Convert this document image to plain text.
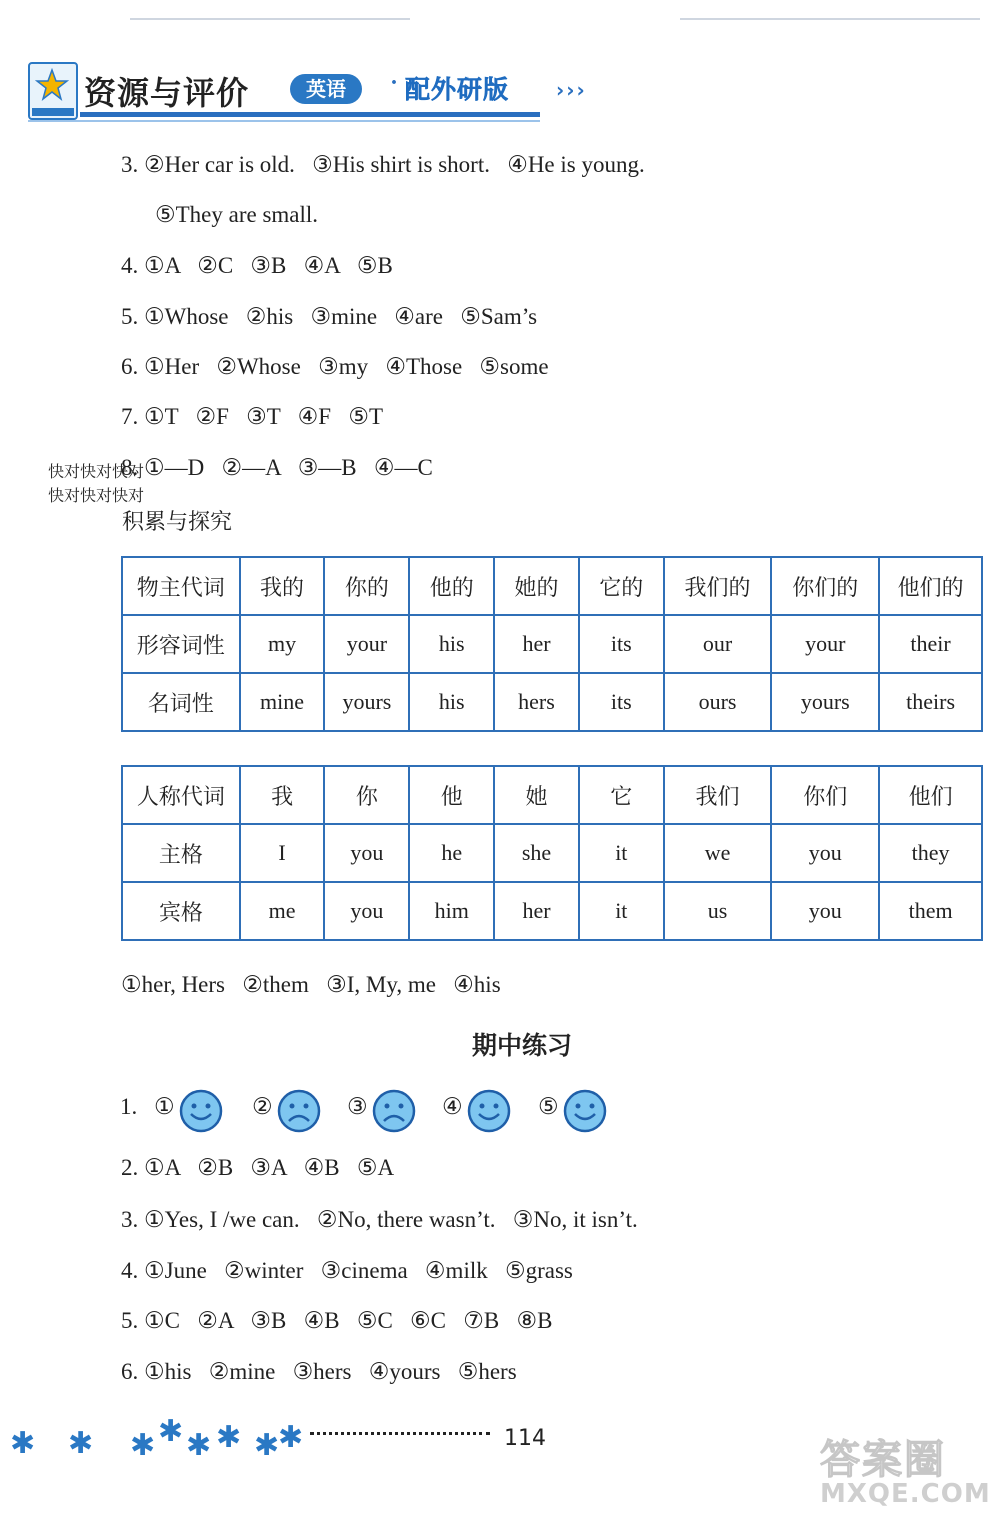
资源与评价	英语	· 配外研版 ›››
3. ②Her car is old.   ③His shirt is short.   ④He is young.
⑤They are small.
4. ①A   ②C   ③B   ④A   ⑤B
5. ①Whose   ②his   ③mine   ④are   ⑤Sam’s
6. ①Her   ②Whose   ③my   ④Those   ⑤some
7. ①T   ②F   ③T   ④F   ⑤T
8. ①—D   ②—A   ③—B   ④—C
快对快对快对
快对快对快对
积累与探究
物主代词	我的	你的	他的	她的	它的	我们的	你们的	他们的
形容词性	my	your	his	her	its	our	your	their
名词性	mine	yours	his	hers	its	ours	yours	theirs
人称代词	我	你	他	她	它	我们	你们	他们
主格	I	you	he	she	it	we	you	they
宾格	me	you	him	her	it	us	you	them
①her, Hers   ②them   ③I, My, me   ④his
期中练习
1. ①	②	③	④	⑤
2. ①A   ②B   ③A   ④B   ⑤A
3. ①Yes, I /we can.   ②No, there wasn’t.   ③No, it isn’t.
4. ①June   ②winter   ③cinema   ④milk   ⑤grass
5. ①C   ②A   ③B   ④B   ⑤C   ⑥C   ⑦B   ⑧B
6. ①his   ②mine   ③hers   ④yours   ⑤hers
✱ ✱ ✱ ✱ ✱ ✱ ✱
✱	114	答案圈
MXQE.COM
